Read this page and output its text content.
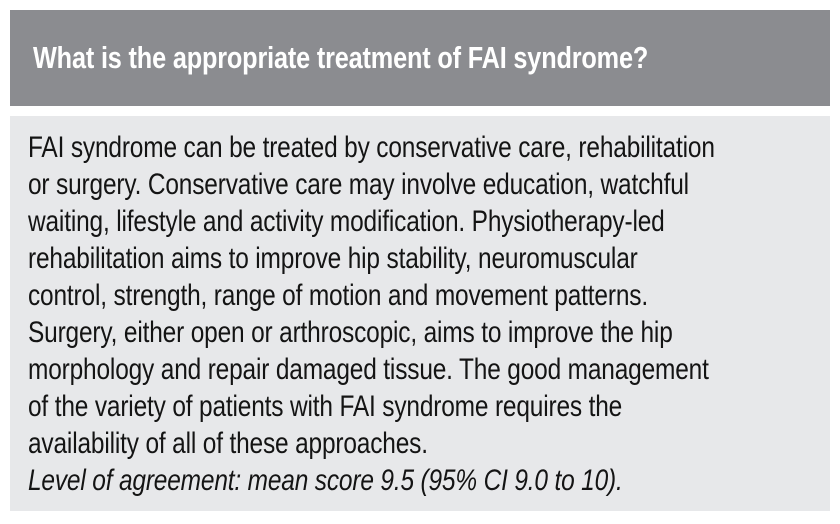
What is the appropriate treatment of FAI syndrome?
FAI syndrome can be treated by conservative care, rehabilitation
or surgery. Conservative care may involve education, watchful
waiting, lifestyle and activity modification. Physiotherapy-led
rehabilitation aims to improve hip stability, neuromuscular
control, strength, range of motion and movement patterns.
Surgery, either open or arthroscopic, aims to improve the hip
morphology and repair damaged tissue. The good management
of the variety of patients with FAI syndrome requires the
availability of all of these approaches.
Level of agreement: mean score 9.5 (95% CI 9.0 to 10).
